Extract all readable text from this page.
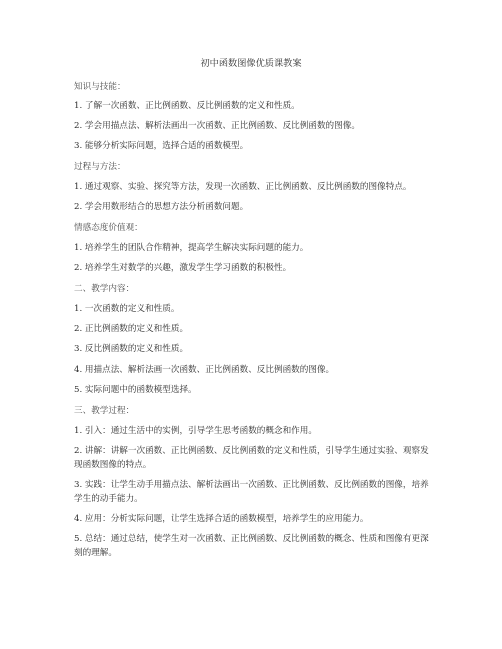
初中函数图像优质课教案
知识与技能：
1. 了解一次函数、正比例函数、反比例函数的定义和性质。
2. 学会用描点法、解析法画出一次函数、正比例函数、反比例函数的图像。
3. 能够分析实际问题，选择合适的函数模型。
过程与方法：
1. 通过观察、实验、探究等方法，发现一次函数、正比例函数、反比例函数的图像特点。
2. 学会用数形结合的思想方法分析函数问题。
情感态度价值观：
1. 培养学生的团队合作精神，提高学生解决实际问题的能力。
2. 培养学生对数学的兴趣，激发学生学习函数的积极性。
二、教学内容：
1. 一次函数的定义和性质。
2. 正比例函数的定义和性质。
3. 反比例函数的定义和性质。
4. 用描点法、解析法画一次函数、正比例函数、反比例函数的图像。
5. 实际问题中的函数模型选择。
三、教学过程：
1. 引入：通过生活中的实例，引导学生思考函数的概念和作用。
2. 讲解：讲解一次函数、正比例函数、反比例函数的定义和性质，引导学生通过实验、观察发现函数图像的特点。
3. 实践：让学生动手用描点法、解析法画出一次函数、正比例函数、反比例函数的图像，培养学生的动手能力。
4. 应用：分析实际问题，让学生选择合适的函数模型，培养学生的应用能力。
5. 总结：通过总结，使学生对一次函数、正比例函数、反比例函数的概念、性质和图像有更深刻的理解。
